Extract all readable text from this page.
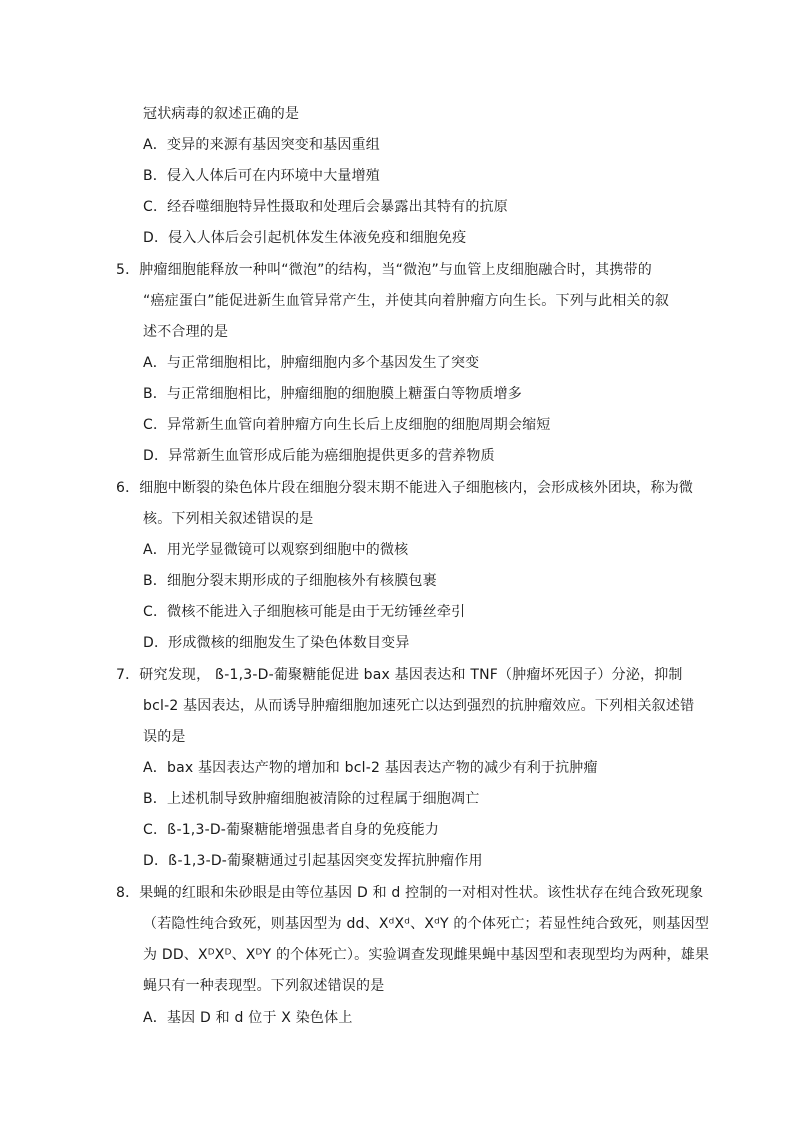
冠状病毒的叙述正确的是
A．变异的来源有基因突变和基因重组
B．侵入人体后可在内环境中大量增殖
C．经吞噬细胞特异性摄取和处理后会暴露出其特有的抗原
D．侵入人体后会引起机体发生体液免疫和细胞免疫
5．肿瘤细胞能释放一种叫“微泡”的结构，当“微泡”与血管上皮细胞融合时，其携带的
“癌症蛋白”能促进新生血管异常产生，并使其向着肿瘤方向生长。下列与此相关的叙
述不合理的是
A．与正常细胞相比，肿瘤细胞内多个基因发生了突变
B．与正常细胞相比，肿瘤细胞的细胞膜上糖蛋白等物质增多
C．异常新生血管向着肿瘤方向生长后上皮细胞的细胞周期会缩短
D．异常新生血管形成后能为癌细胞提供更多的营养物质
6．细胞中断裂的染色体片段在细胞分裂末期不能进入子细胞核内，会形成核外团块，称为微
核。下列相关叙述错误的是
A．用光学显微镜可以观察到细胞中的微核
B．细胞分裂末期形成的子细胞核外有核膜包裹
C．微核不能进入子细胞核可能是由于无纺锤丝牵引
D．形成微核的细胞发生了染色体数目变异
7．研究发现， ß-1,3-D-葡聚糖能促进 bax 基因表达和 TNF（肿瘤坏死因子）分泌，抑制
bcl-2 基因表达，从而诱导肿瘤细胞加速死亡以达到强烈的抗肿瘤效应。下列相关叙述错
误的是
A．bax 基因表达产物的增加和 bcl-2 基因表达产物的减少有利于抗肿瘤
B．上述机制导致肿瘤细胞被清除的过程属于细胞凋亡
C．ß-1,3-D-葡聚糖能增强患者自身的免疫能力
D．ß-1,3-D-葡聚糖通过引起基因突变发挥抗肿瘤作用
8．果蝇的红眼和朱砂眼是由等位基因 D 和 d 控制的一对相对性状。该性状存在纯合致死现象
（若隐性纯合致死，则基因型为 dd、XᵈXᵈ、XᵈY 的个体死亡；若显性纯合致死，则基因型
为 DD、XᴰXᴰ、XᴰY 的个体死亡）。实验调查发现雌果蝇中基因型和表现型均为两种，雄果
蝇只有一种表现型。下列叙述错误的是
A．基因 D 和 d 位于 X 染色体上
